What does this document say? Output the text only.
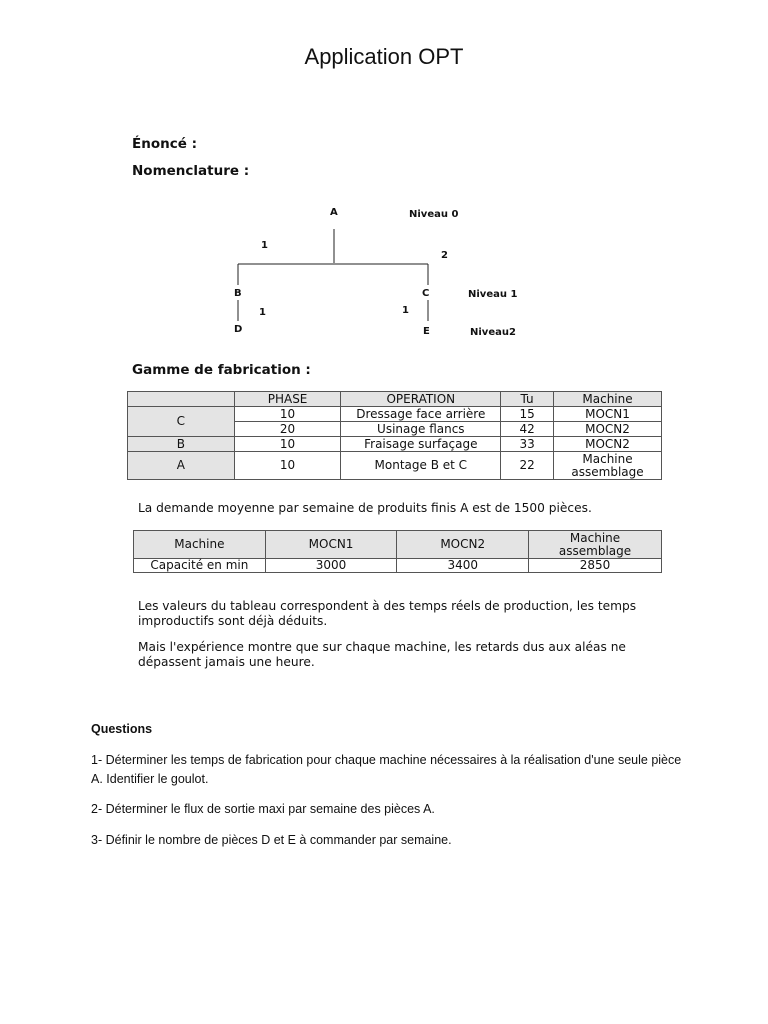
Application OPT
Énoncé :
Nomenclature :
A	Niveau 0
1
2
B	C	Niveau 1
1	1
D	E	Niveau2
Gamme de fabrication :
	PHASE	OPERATION	Tu	Machine
C	10	Dressage face arrière	15	MOCN1
	20	Usinage flancs	42	MOCN2
B	10	Fraisage surfaçage	33	MOCN2
A	10	Montage B et C	22	Machine assemblage
La demande moyenne par semaine de produits finis A est de 1500 pièces.
Machine	MOCN1	MOCN2	Machine assemblage
Capacité en min	3000	3400	2850
Les valeurs du tableau correspondent à des temps réels de production, les temps improductifs sont déjà déduits.
Mais l'expérience montre que sur chaque machine, les retards dus aux aléas ne dépassent jamais une heure.
Questions
1- Déterminer les temps de fabrication pour chaque machine nécessaires à la réalisation d'une seule pièce A. Identifier le goulot.
2- Déterminer le flux de sortie maxi par semaine des pièces A.
3- Définir le nombre de pièces D et E à commander par semaine.
